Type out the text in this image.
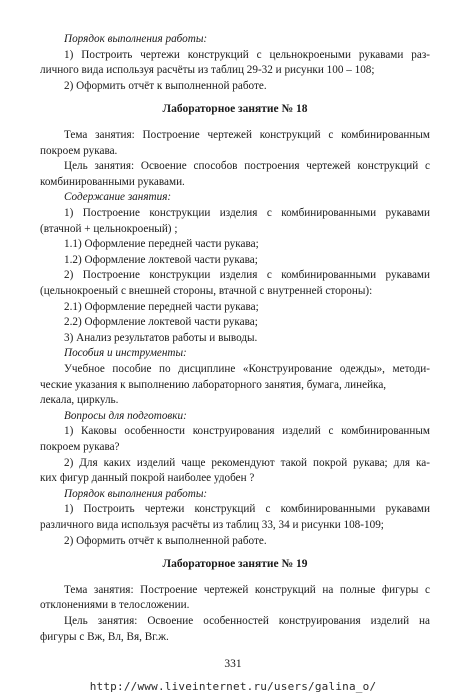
Порядок выполнения работы:
1) Построить чертежи конструкций с цельнокроеными рукавами раз-
личного вида используя расчёты из таблиц 29-32 и рисунки 100 – 108;
2) Оформить отчёт к выполненной работе.
Лабораторное занятие № 18
Тема занятия: Построение чертежей конструкций с комбинированным
покроем рукава.
Цель занятия: Освоение способов построения чертежей конструкций с
комбинированными рукавами.
Содержание занятия:
1) Построение конструкции изделия с комбинированными рукавами
(втачной + цельнокроеный) ;
1.1) Оформление передней части рукава;
1.2) Оформление локтевой части рукава;
2) Построение конструкции изделия с комбинированными рукавами
(цельнокроеный с внешней стороны, втачной с внутренней стороны):
2.1) Оформление передней части рукава;
2.2) Оформление локтевой части рукава;
3) Анализ результатов работы и выводы.
Пособия и инструменты:
Учебное пособие по дисциплине «Конструирование одежды», методи-
ческие указания к выполнению лабораторного занятия, бумага, линейка,
лекала, циркуль.
Вопросы для подготовки:
1) Каковы особенности конструирования изделий с комбинированным
покроем рукава?
2) Для каких изделий чаще рекомендуют такой покрой рукава; для ка-
ких фигур данный покрой наиболее удобен ?
Порядок выполнения работы:
1) Построить чертежи конструкций с комбинированными рукавами
различного вида используя расчёты из таблиц 33, 34 и рисунки 108-109;
2) Оформить отчёт к выполненной работе.
Лабораторное занятие № 19
Тема занятия: Построение чертежей конструкций на полные фигуры с
отклонениями в телосложении.
Цель занятия: Освоение особенностей конструирования изделий на
фигуры с Вж, Вл, Вя, Вг.ж.
331
http://www.liveinternet.ru/users/galina_o/
